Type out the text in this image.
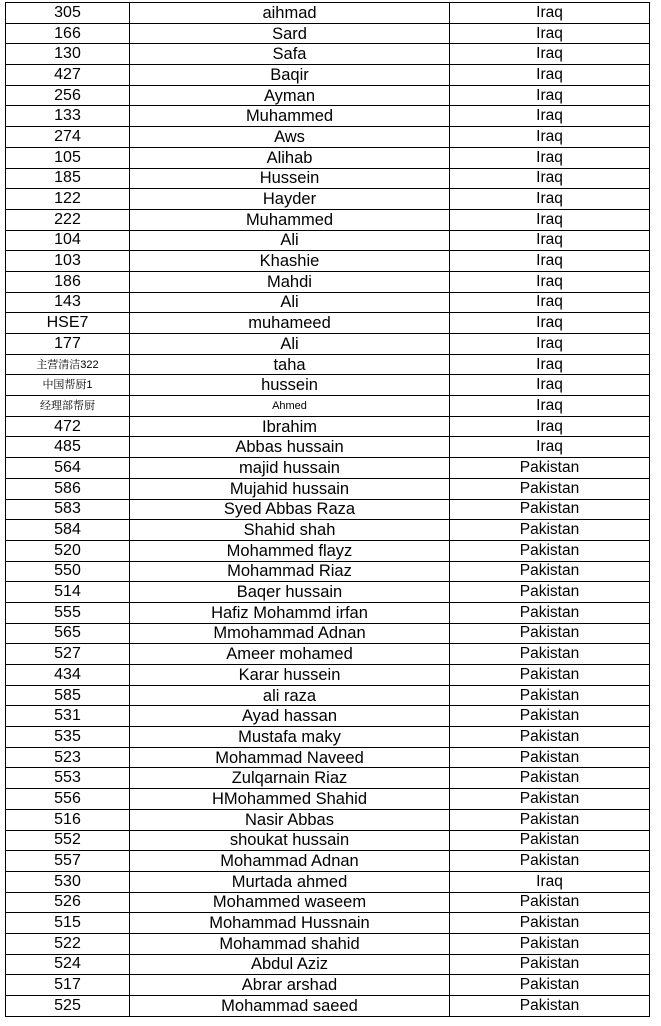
305	aihmad	Iraq
166	Sard	Iraq
130	Safa	Iraq
427	Baqir	Iraq
256	Ayman	Iraq
133	Muhammed	Iraq
274	Aws	Iraq
105	Alihab	Iraq
185	Hussein	Iraq
122	Hayder	Iraq
222	Muhammed	Iraq
104	Ali	Iraq
103	Khashie	Iraq
186	Mahdi	Iraq
143	Ali	Iraq
HSE7	muhameed	Iraq
177	Ali	Iraq
主营清洁322	taha	Iraq
中国帮厨1	hussein	Iraq
经理部帮厨	Ahmed	Iraq
472	Ibrahim	Iraq
485	Abbas hussain	Iraq
564	majid hussain	Pakistan
586	Mujahid hussain	Pakistan
583	Syed Abbas Raza	Pakistan
584	Shahid shah	Pakistan
520	Mohammed flayz	Pakistan
550	Mohammad Riaz	Pakistan
514	Baqer hussain	Pakistan
555	Hafiz Mohammd irfan	Pakistan
565	Mmohammad Adnan	Pakistan
527	Ameer mohamed	Pakistan
434	Karar hussein	Pakistan
585	ali raza	Pakistan
531	Ayad hassan	Pakistan
535	Mustafa maky	Pakistan
523	Mohammad Naveed	Pakistan
553	Zulqarnain Riaz	Pakistan
556	HMohammed Shahid	Pakistan
516	Nasir Abbas	Pakistan
552	shoukat hussain	Pakistan
557	Mohammad Adnan	Pakistan
530	Murtada ahmed	Iraq
526	Mohammed waseem	Pakistan
515	Mohammad Hussnain	Pakistan
522	Mohammad shahid	Pakistan
524	Abdul Aziz	Pakistan
517	Abrar arshad	Pakistan
525	Mohammad saeed	Pakistan
